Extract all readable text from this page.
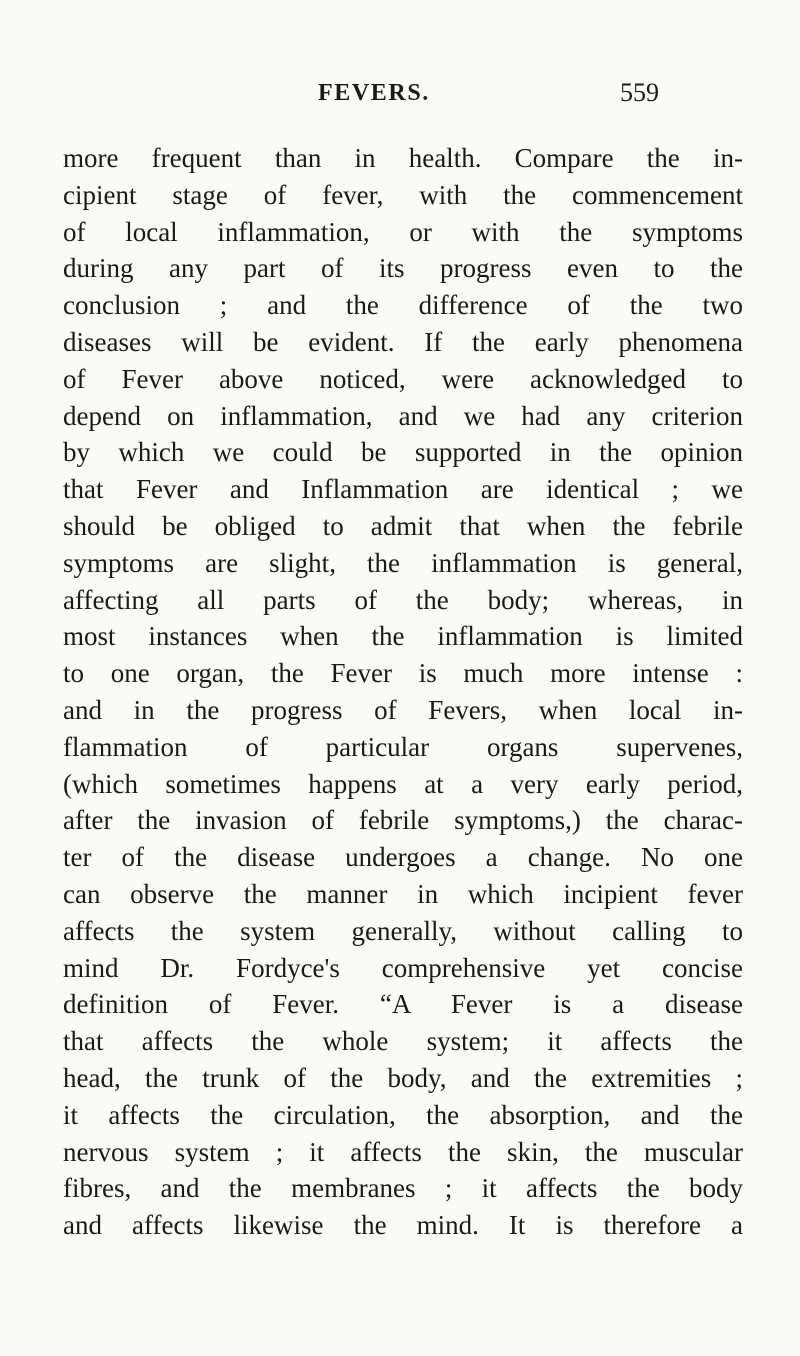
FEVERS.	559
more frequent than in health. Compare the in-
cipient stage of fever, with the commencement
of local inflammation, or with the symptoms
during any part of its progress even to the
conclusion ; and the difference of the two
diseases will be evident. If the early phenomena
of Fever above noticed, were acknowledged to
depend on inflammation, and we had any criterion
by which we could be supported in the opinion
that Fever and Inflammation are identical ; we
should be obliged to admit that when the febrile
symptoms are slight, the inflammation is general,
affecting all parts of the body; whereas, in
most instances when the inflammation is limited
to one organ, the Fever is much more intense :
and in the progress of Fevers, when local in-
flammation of particular organs supervenes,
(which sometimes happens at a very early period,
after the invasion of febrile symptoms,) the charac-
ter of the disease undergoes a change. No one
can observe the manner in which incipient fever
affects the system generally, without calling to
mind Dr. Fordyce's comprehensive yet concise
definition of Fever. “A Fever is a disease
that affects the whole system; it affects the
head, the trunk of the body, and the extremities ;
it affects the circulation, the absorption, and the
nervous system ; it affects the skin, the muscular
fibres, and the membranes ; it affects the body
and affects likewise the mind. It is therefore a
